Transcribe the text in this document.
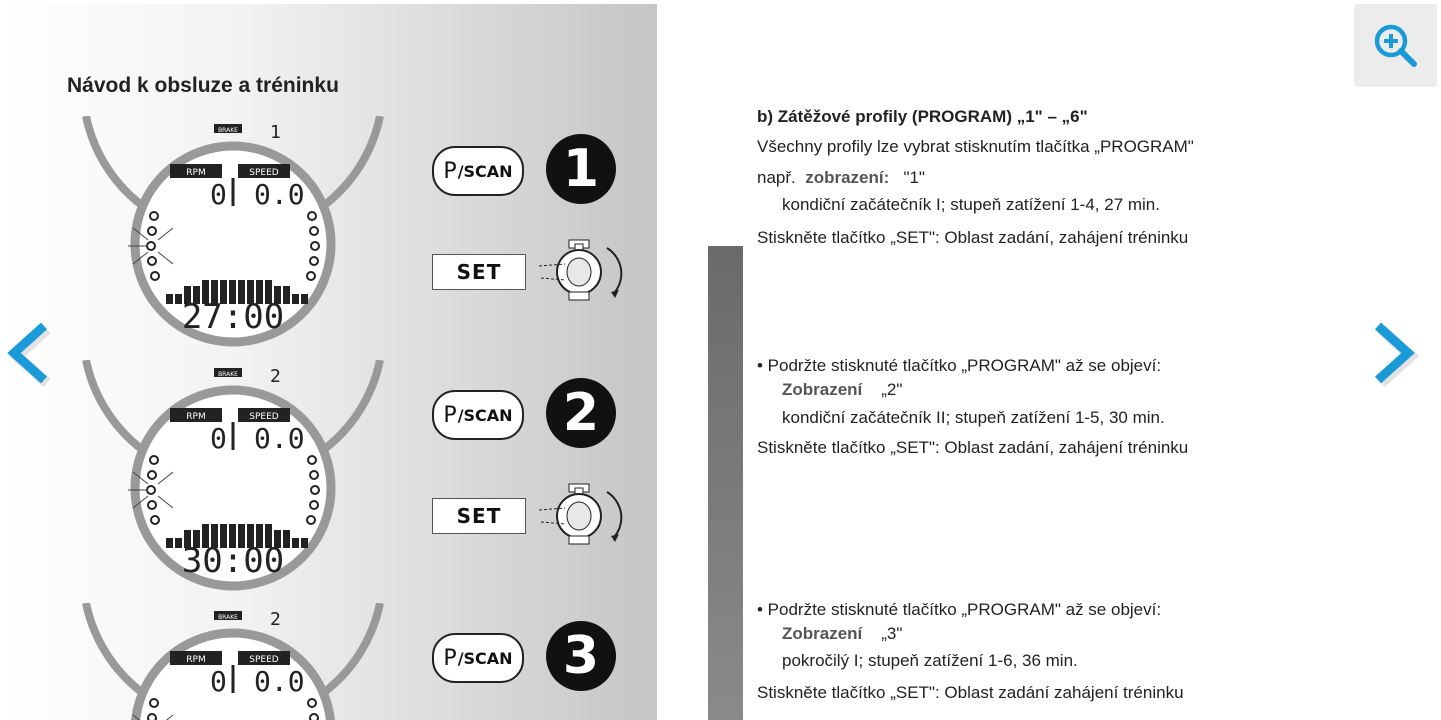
Návod k obsluze a tréninku
BRAKE 1
RPM	SPEED
0 0.0
27:00
P /SCAN 1
SET
BRAKE 2
RPM	SPEED
0 0.0
30:00
P /SCAN 2
SET
BRAKE 2
RPM	SPEED
0 0.0
P /SCAN 3
b) Zátěžové profily (PROGRAM) „1" – „6"
Všechny profily lze vybrat stisknutím tlačítka „PROGRAM"
např. zobrazení: "1"
kondiční začátečník I; stupeň zatížení 1-4, 27 min.
Stiskněte tlačítko „SET": Oblast zadání, zahájení tréninku
• Podržte stisknuté tlačítko „PROGRAM" až se objeví:
Zobrazení „2"
kondiční začátečník II; stupeň zatížení 1-5, 30 min.
Stiskněte tlačítko „SET": Oblast zadání, zahájení tréninku
• Podržte stisknuté tlačítko „PROGRAM" až se objeví:
Zobrazení „3"
pokročilý I; stupeň zatížení 1-6, 36 min.
Stiskněte tlačítko „SET": Oblast zadání zahájení tréninku
